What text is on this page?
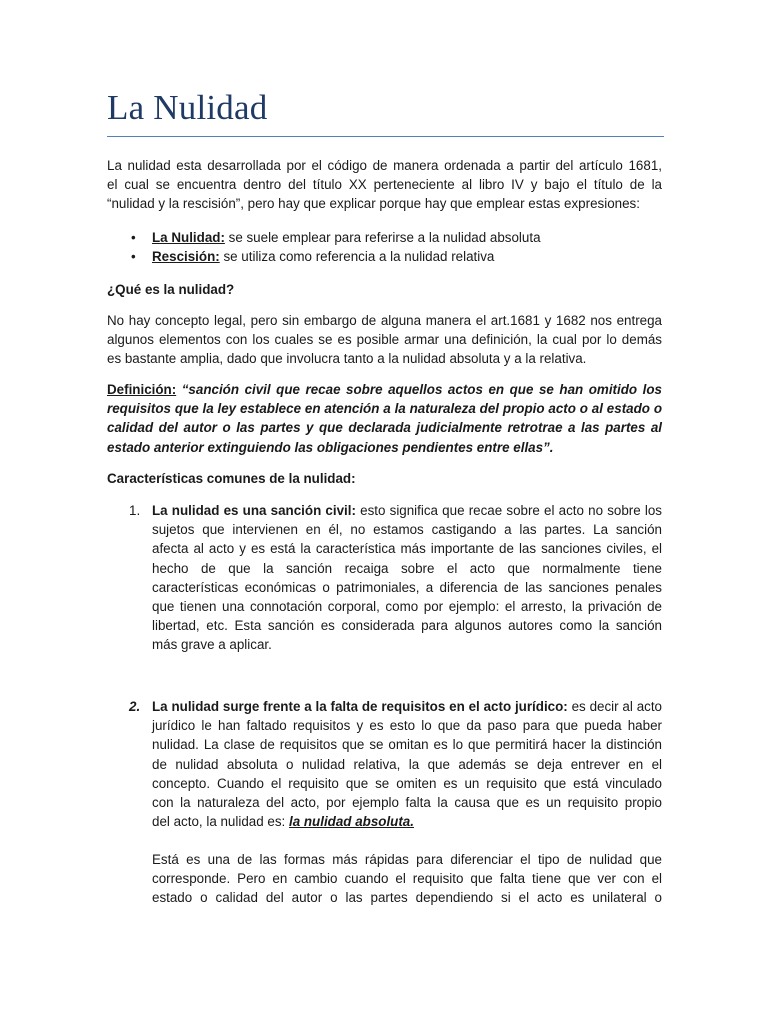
La Nulidad

La nulidad esta desarrollada por el código de manera ordenada a partir del artículo 1681,
el cual se encuentra dentro del título XX perteneciente al libro IV y bajo el título de la
“nulidad y la rescisión”, pero hay que explicar porque hay que emplear estas expresiones:

• La Nulidad: se suele emplear para referirse a la nulidad absoluta
• Rescisión: se utiliza como referencia a la nulidad relativa

¿Qué es la nulidad?

No hay concepto legal, pero sin embargo de alguna manera el art.1681 y 1682 nos entrega
algunos elementos con los cuales se es posible armar una definición, la cual por lo demás
es bastante amplia, dado que involucra tanto a la nulidad absoluta y a la relativa.

Definición: “sanción civil que recae sobre aquellos actos en que se han omitido los
requisitos que la ley establece en atención a la naturaleza del propio acto o al estado o
calidad del autor o las partes y que declarada judicialmente retrotrae a las partes al
estado anterior extinguiendo las obligaciones pendientes entre ellas”.

Características comunes de la nulidad:

1. La nulidad es una sanción civil: esto significa que recae sobre el acto no sobre los
sujetos que intervienen en él, no estamos castigando a las partes. La sanción
afecta al acto y es está la característica más importante de las sanciones civiles, el
hecho de que la sanción recaiga sobre el acto que normalmente tiene
características económicas o patrimoniales, a diferencia de las sanciones penales
que tienen una connotación corporal, como por ejemplo: el arresto, la privación de
libertad, etc. Esta sanción es considerada para algunos autores como la sanción
más grave a aplicar.

2. La nulidad surge frente a la falta de requisitos en el acto jurídico: es decir al acto
jurídico le han faltado requisitos y es esto lo que da paso para que pueda haber
nulidad. La clase de requisitos que se omitan es lo que permitirá hacer la distinción
de nulidad absoluta o nulidad relativa, la que además se deja entrever en el
concepto. Cuando el requisito que se omiten es un requisito que está vinculado
con la naturaleza del acto, por ejemplo falta la causa que es un requisito propio
del acto, la nulidad es: la nulidad absoluta.

Está es una de las formas más rápidas para diferenciar el tipo de nulidad que
corresponde. Pero en cambio cuando el requisito que falta tiene que ver con el
estado o calidad del autor o las partes dependiendo si el acto es unilateral o
